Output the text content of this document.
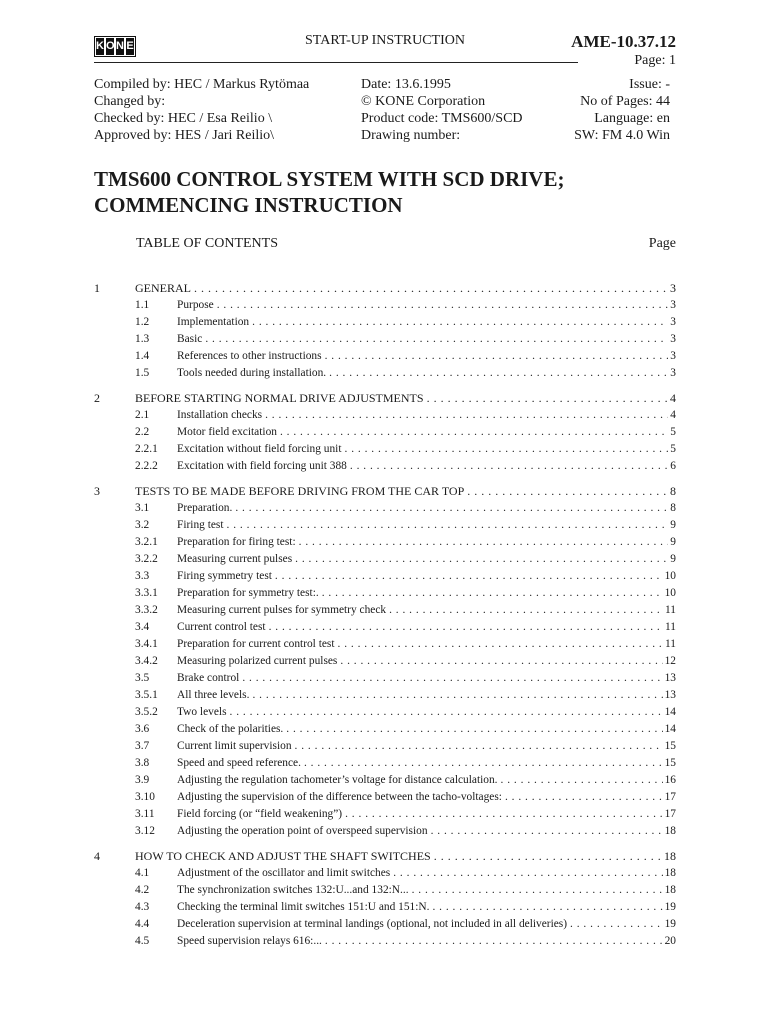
K O N E	START-UP INSTRUCTION	AME-10.37.12
Page: 1
Compiled by: HEC / Markus Rytömaa
Changed by:
Checked by: HEC / Esa Reilio \
Approved by: HES / Jari Reilio\
Date: 13.6.1995
© KONE Corporation
Product code: TMS600/SCD
Drawing number:
Issue: -
No of Pages: 44
Language: en
SW: FM 4.0 Win
TMS600 CONTROL SYSTEM WITH SCD DRIVE;
COMMENCING INSTRUCTION
TABLE OF CONTENTS	Page
1	GENERAL . . .	3
1.1 Purpose . . .	3
1.2 Implementation . . .	3
1.3 Basic . . .	3
1.4 References to other instructions . . .	3
1.5 Tools needed during installation. . . .	3
2	BEFORE STARTING NORMAL DRIVE ADJUSTMENTS . . .	4
2.1 Installation checks . . .	4
2.2 Motor field excitation . . .	5
2.2.1 Excitation without field forcing unit . . .	5
2.2.2 Excitation with field forcing unit 388 . . .	6
3	TESTS TO BE MADE BEFORE DRIVING FROM THE CAR TOP . . .	8
3.1 Preparation. . . .	8
3.2 Firing test . . .	9
3.2.1 Preparation for firing test: . . .	9
3.2.2 Measuring current pulses . . .	9
3.3 Firing symmetry test . . .	10
3.3.1 Preparation for symmetry test:. . . .	10
3.3.2 Measuring current pulses for symmetry check . . .	11
3.4 Current control test . . .	11
3.4.1 Preparation for current control test . . .	11
3.4.2 Measuring polarized current pulses . . .	12
3.5 Brake control . . .	13
3.5.1 All three levels. . . .	13
3.5.2 Two levels . . .	14
3.6 Check of the polarities. . . .	14
3.7 Current limit supervision . . .	15
3.8 Speed and speed reference. . . .	15
3.9 Adjusting the regulation tachometer’s voltage for distance calculation. . . .	16
3.10 Adjusting the supervision of the difference between the tacho-voltages: . . .	17
3.11 Field forcing (or “field weakening”) . . .	17
3.12 Adjusting the operation point of overspeed supervision . . .	18
4	HOW TO CHECK AND ADJUST THE SHAFT SWITCHES . . .	18
4.1 Adjustment of the oscillator and limit switches . . .	18
4.2 The synchronization switches 132:U...and 132:N... . . .	18
4.3 Checking the terminal limit switches 151:U and 151:N. . . .	19
4.4 Deceleration supervision at terminal landings (optional, not included in all deliveries) . . .	19
4.5 Speed supervision relays 616:... . . .	20
